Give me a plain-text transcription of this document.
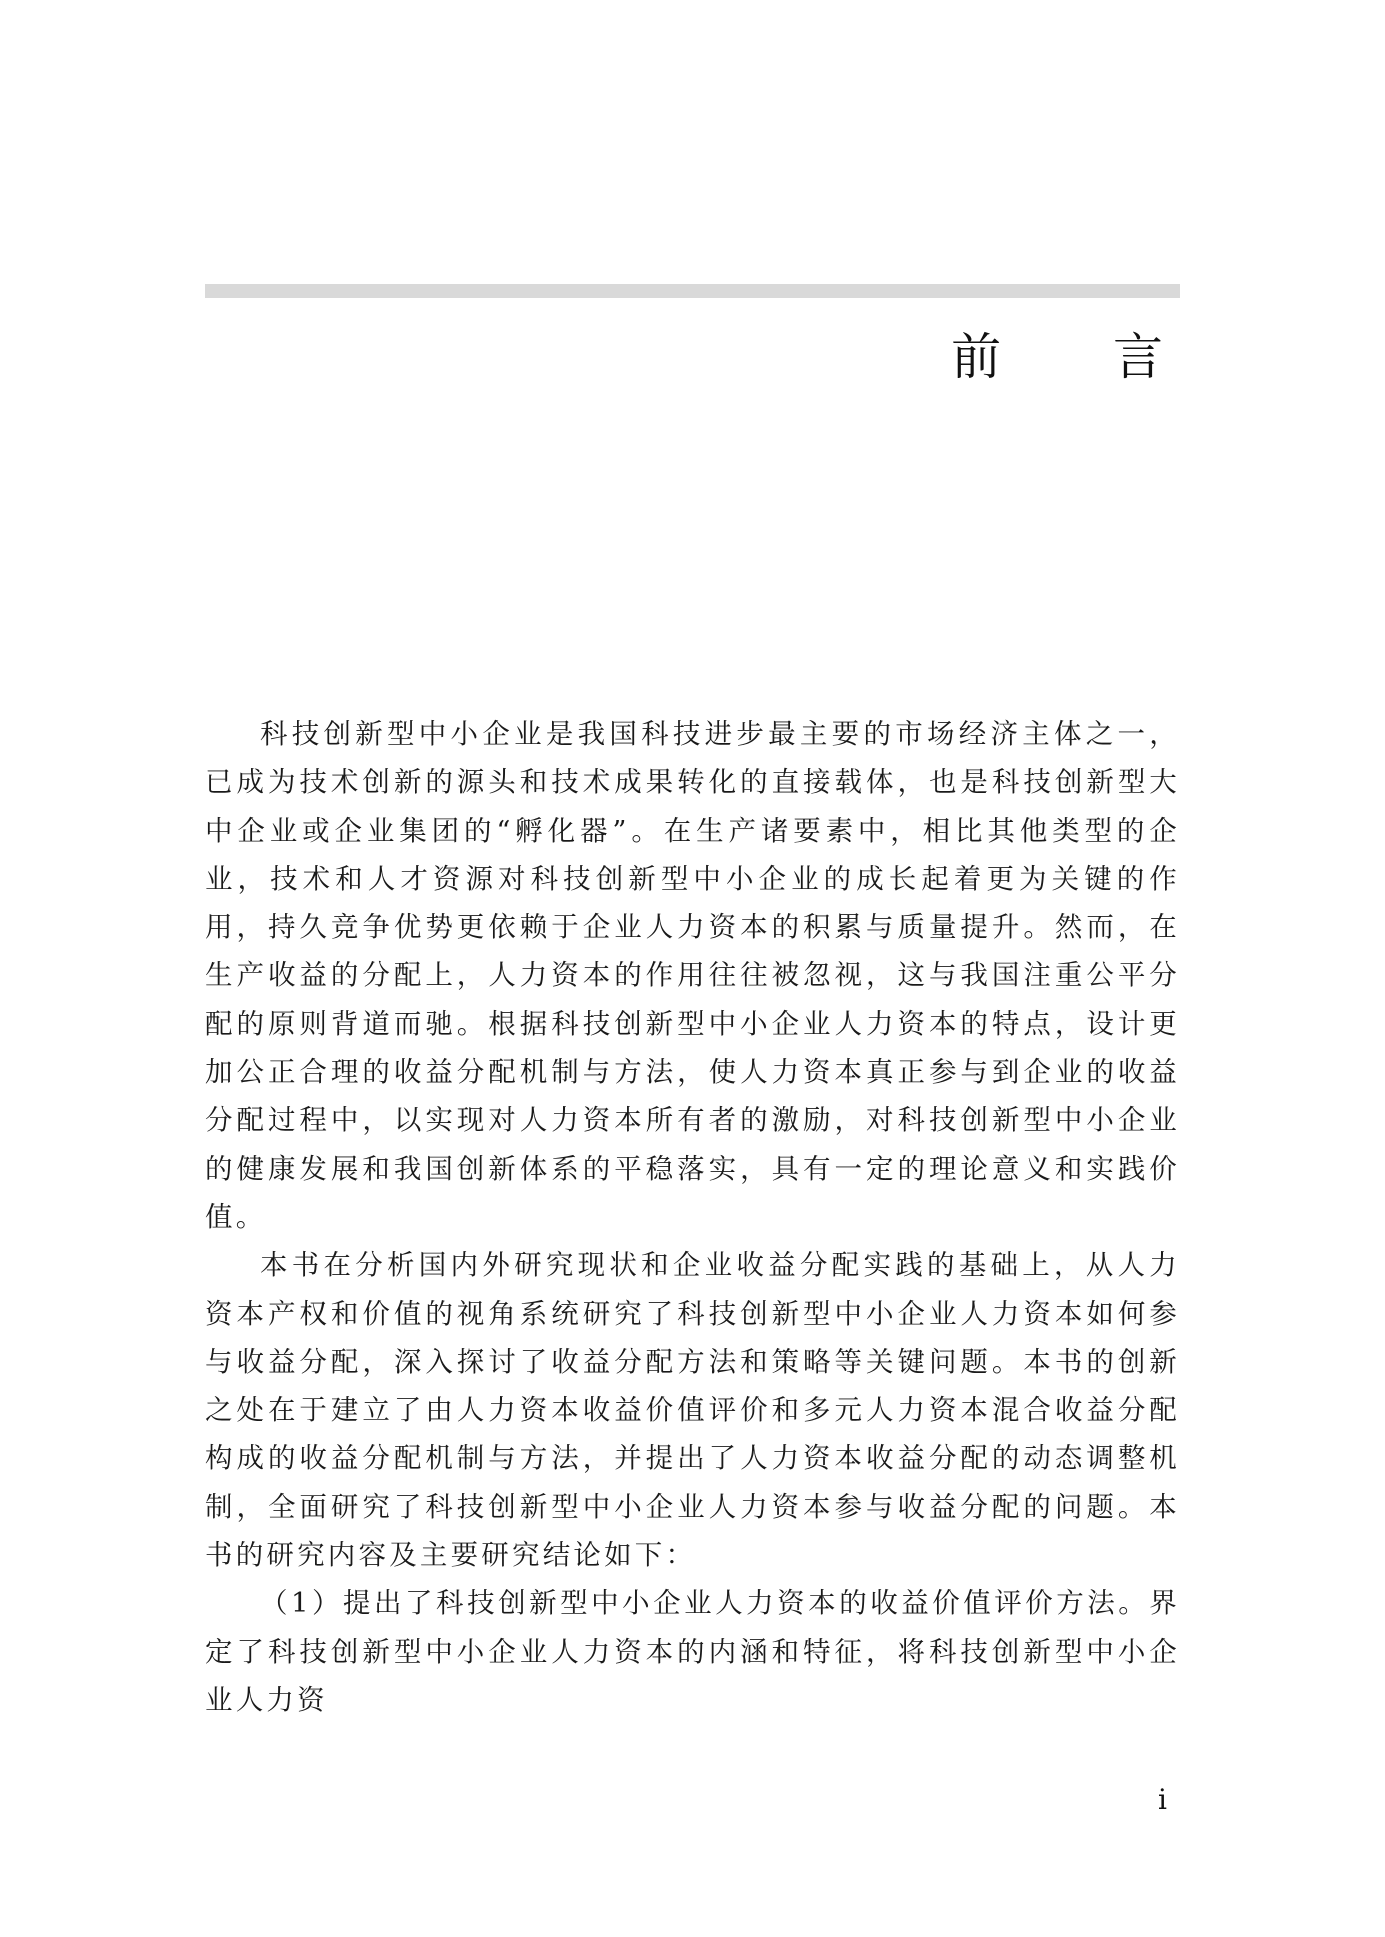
前 言

科技创新型中小企业是我国科技进步最主要的市场经济主体之一，已成为技术创新的源头和技术成果转化的直接载体，也是科技创新型大中企业或企业集团的“孵化器”。在生产诸要素中，相比其他类型的企业，技术和人才资源对科技创新型中小企业的成长起着更为关键的作用，持久竞争优势更依赖于企业人力资本的积累与质量提升。然而，在生产收益的分配上，人力资本的作用往往被忽视，这与我国注重公平分配的原则背道而驰。根据科技创新型中小企业人力资本的特点，设计更加公正合理的收益分配机制与方法，使人力资本真正参与到企业的收益分配过程中，以实现对人力资本所有者的激励，对科技创新型中小企业的健康发展和我国创新体系的平稳落实，具有一定的理论意义和实践价值。

本书在分析国内外研究现状和企业收益分配实践的基础上，从人力资本产权和价值的视角系统研究了科技创新型中小企业人力资本如何参与收益分配，深入探讨了收益分配方法和策略等关键问题。本书的创新之处在于建立了由人力资本收益价值评价和多元人力资本混合收益分配构成的收益分配机制与方法，并提出了人力资本收益分配的动态调整机制，全面研究了科技创新型中小企业人力资本参与收益分配的问题。本书的研究内容及主要研究结论如下：

（1）提出了科技创新型中小企业人力资本的收益价值评价方法。界定了科技创新型中小企业人力资本的内涵和特征，将科技创新型中小企业人力资

i
